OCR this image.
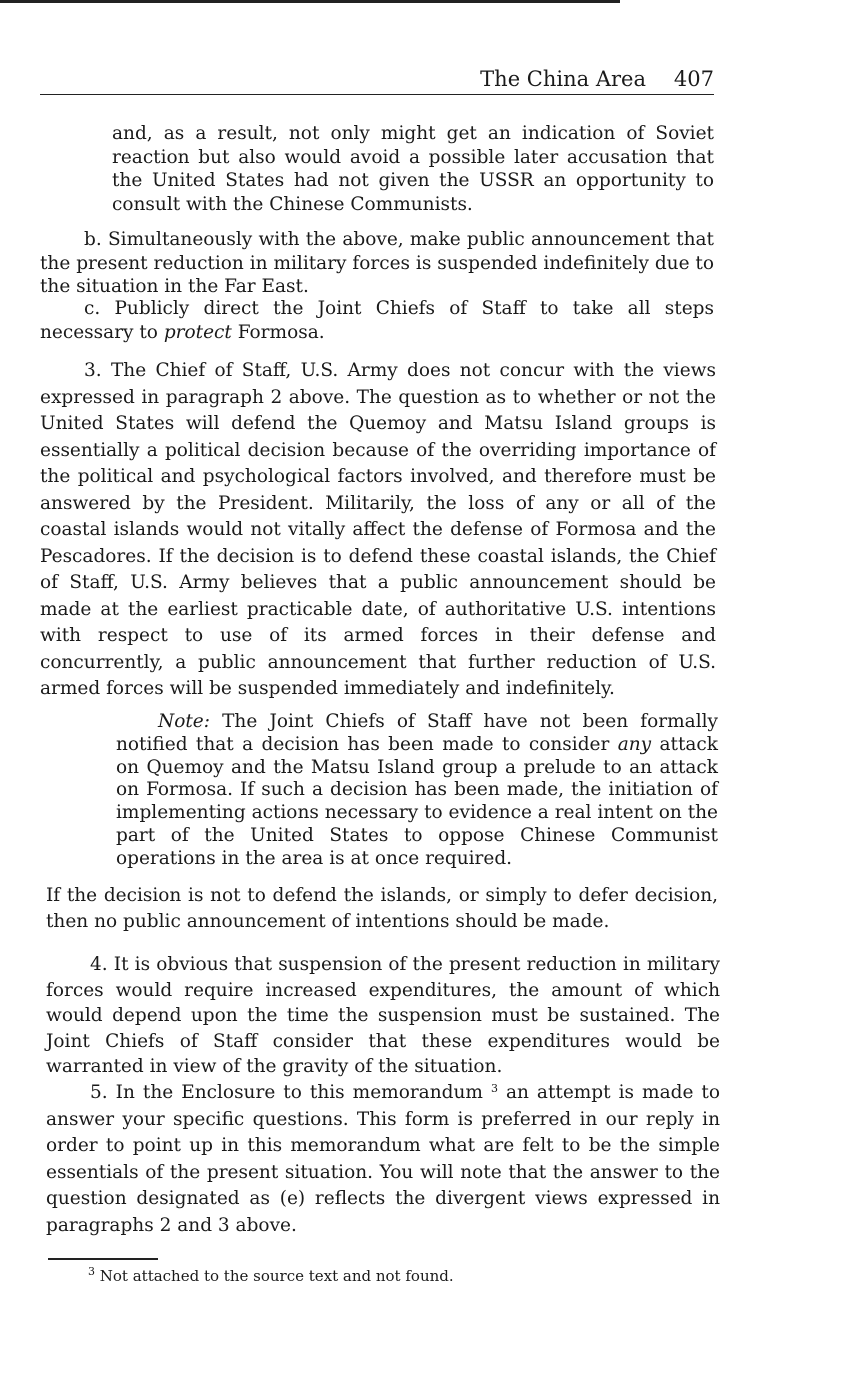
The China Area 407

and, as a result, not only might get an indication of Soviet reaction but also would avoid a possible later accusation that the United States had not given the USSR an opportunity to consult with the Chinese Communists.

b. Simultaneously with the above, make public announcement that the present reduction in military forces is suspended indefinitely due to the situation in the Far East.

c. Publicly direct the Joint Chiefs of Staff to take all steps necessary to protect Formosa.

3. The Chief of Staff, U.S. Army does not concur with the views expressed in paragraph 2 above. The question as to whether or not the United States will defend the Quemoy and Matsu Island groups is essentially a political decision because of the overriding importance of the political and psychological factors involved, and therefore must be answered by the President. Militarily, the loss of any or all of the coastal islands would not vitally affect the defense of Formosa and the Pescadores. If the decision is to defend these coastal islands, the Chief of Staff, U.S. Army believes that a public announcement should be made at the earliest practicable date, of authoritative U.S. intentions with respect to use of its armed forces in their defense and concurrently, a public announcement that further reduction of U.S. armed forces will be suspended immediately and indefinitely.

Note: The Joint Chiefs of Staff have not been formally notified that a decision has been made to consider any attack on Quemoy and the Matsu Island group a prelude to an attack on Formosa. If such a decision has been made, the initiation of implementing actions necessary to evidence a real intent on the part of the United States to oppose Chinese Communist operations in the area is at once required.

If the decision is not to defend the islands, or simply to defer decision, then no public announcement of intentions should be made.

4. It is obvious that suspension of the present reduction in military forces would require increased expenditures, the amount of which would depend upon the time the suspension must be sustained. The Joint Chiefs of Staff consider that these expenditures would be warranted in view of the gravity of the situation.

5. In the Enclosure to this memorandum $^3$ an attempt is made to answer your specific questions. This form is preferred in our reply in order to point up in this memorandum what are felt to be the simple essentials of the present situation. You will note that the answer to the question designated as (e) reflects the divergent views expressed in paragraphs 2 and 3 above.

$^3$ Not attached to the source text and not found.
